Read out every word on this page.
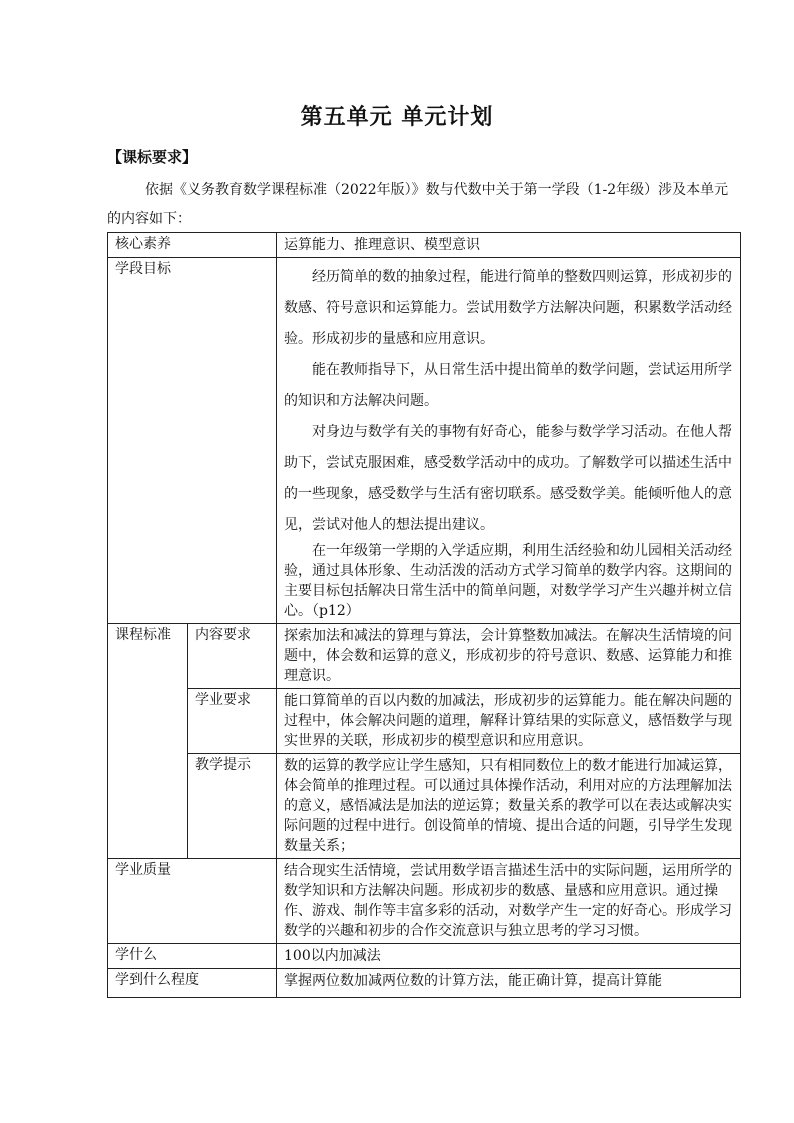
第五单元 单元计划
【课标要求】
依据《义务教育数学课程标准（2022年版）》数与代数中关于第一学段（1-2年级）涉及本单元的内容如下：
核心素养		运算能力、推理意识、模型意识
学段目标		经历简单的数的抽象过程，能进行简单的整数四则运算，形成初步的数感、符号意识和运算能力。尝试用数学方法解决问题，积累数学活动经验。形成初步的量感和应用意识。

能在教师指导下，从日常生活中提出简单的数学问题，尝试运用所学的知识和方法解决问题。

对身边与数学有关的事物有好奇心，能参与数学学习活动。在他人帮助下，尝试克服困难，感受数学活动中的成功。了解数学可以描述生活中的一些现象，感受数学与生活有密切联系。感受数学美。能倾听他人的意见，尝试对他人的想法提出建议。

在一年级第一学期的入学适应期，利用生活经验和幼儿园相关活动经验，通过具体形象、生动活泼的活动方式学习简单的数学内容。这期间的主要目标包括解决日常生活中的简单问题，对数学学习产生兴趣并树立信心。（p12）

课程标准	内容要求	探索加法和减法的算理与算法，会计算整数加减法。在解决生活情境的问题中，体会数和运算的意义，形成初步的符号意识、数感、运算能力和推理意识。
	学业要求	能口算简单的百以内数的加减法，形成初步的运算能力。能在解决问题的过程中，体会解决问题的道理，解释计算结果的实际意义，感悟数学与现实世界的关联，形成初步的模型意识和应用意识。
	教学提示	数的运算的教学应让学生感知，只有相同数位上的数才能进行加减运算，体会简单的推理过程。可以通过具体操作活动，利用对应的方法理解加法的意义，感悟减法是加法的逆运算；数量关系的教学可以在表达或解决实际问题的过程中进行。创设简单的情境、提出合适的问题，引导学生发现数量关系；
学业质量		结合现实生活情境，尝试用数学语言描述生活中的实际问题，运用所学的数学知识和方法解决问题。形成初步的数感、量感和应用意识。通过操作、游戏、制作等丰富多彩的活动，对数学产生一定的好奇心。形成学习数学的兴趣和初步的合作交流意识与独立思考的学习习惯。
学什么		100以内加减法
学到什么程度		掌握两位数加减两位数的计算方法，能正确计算，提高计算能
